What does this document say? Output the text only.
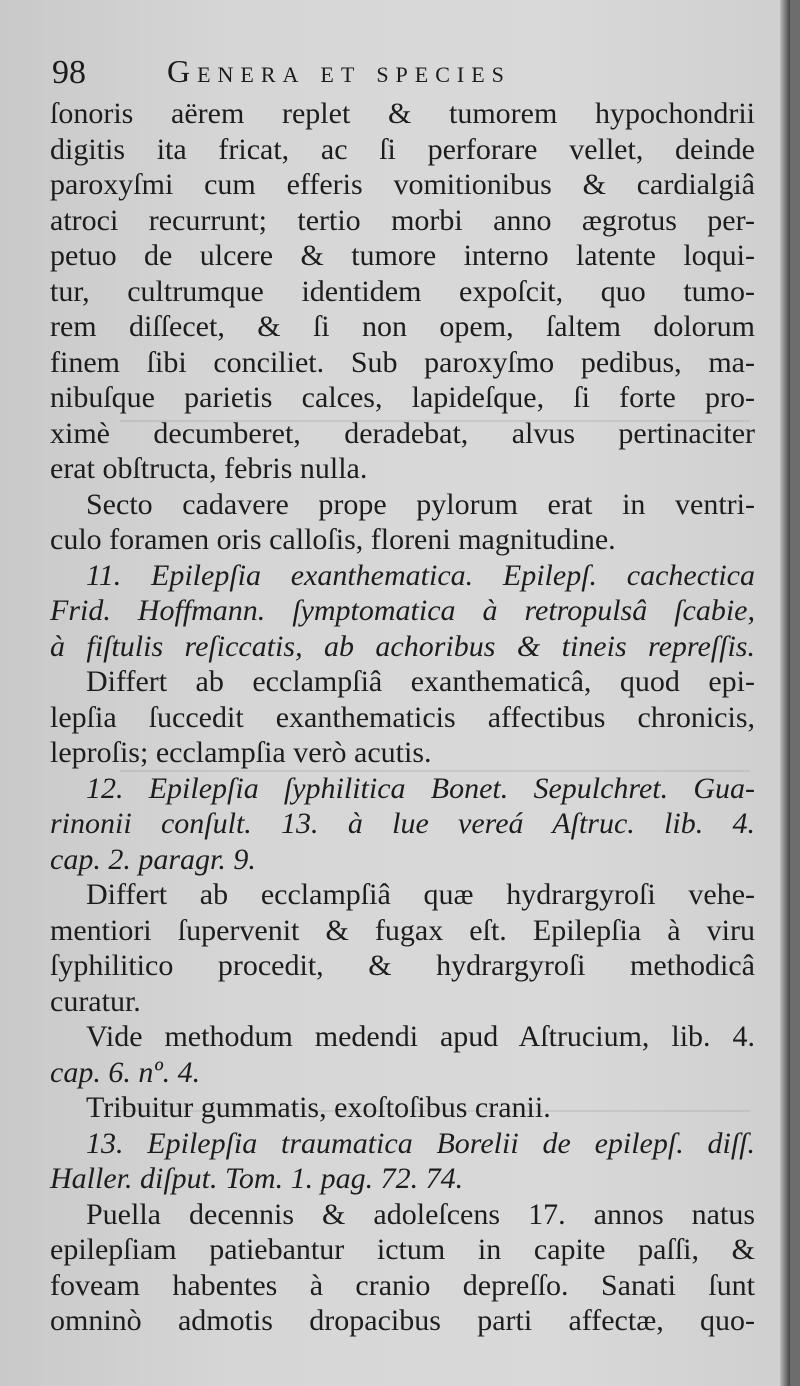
98	Genera et species
ſonoris aërem replet & tumorem hypochondrii
digitis ita fricat, ac ſi perforare vellet, deinde
paroxyſmi cum efferis vomitionibus & cardialgiâ
atroci recurrunt; tertio morbi anno ægrotus per-
petuo de ulcere & tumore interno latente loqui-
tur, cultrumque identidem expoſcit, quo tumo-
rem diſſecet, & ſi non opem, ſaltem dolorum
finem ſibi conciliet. Sub paroxyſmo pedibus, ma-
nibuſque parietis calces, lapideſque, ſi forte pro-
ximè decumberet, deradebat, alvus pertinaciter
erat obſtructa, febris nulla.
Secto cadavere prope pylorum erat in ventri-
culo foramen oris calloſis, floreni magnitudine.
11. Epilepſia exanthematica. Epilepſ. cachectica
Frid. Hoffmann. ſymptomatica à retropulsâ ſcabie,
à fiſtulis reſiccatis, ab achoribus & tineis repreſſis.
Differt ab ecclampſiâ exanthematicâ, quod epi-
lepſia ſuccedit exanthematicis affectibus chronicis,
leproſis; ecclampſia verò acutis.
12. Epilepſia ſyphilitica Bonet. Sepulchret. Gua-
rinonii conſult. 13. à lue vereá Aſtruc. lib. 4.
cap. 2. paragr. 9.
Differt ab ecclampſiâ quæ hydrargyroſi vehe-
mentiori ſupervenit & fugax eſt. Epilepſia à viru
ſyphilitico procedit, & hydrargyroſi methodicâ
curatur.
Vide methodum medendi apud Aſtrucium, lib. 4.
cap. 6. nº. 4.
Tribuitur gummatis, exoſtoſibus cranii.
13. Epilepſia traumatica Borelii de epilepſ. diſſ.
Haller. diſput. Tom. 1. pag. 72. 74.
Puella decennis & adoleſcens 17. annos natus
epilepſiam patiebantur ictum in capite paſſi, &
foveam habentes à cranio depreſſo. Sanati ſunt
omninò admotis dropacibus parti affectæ, quo-
